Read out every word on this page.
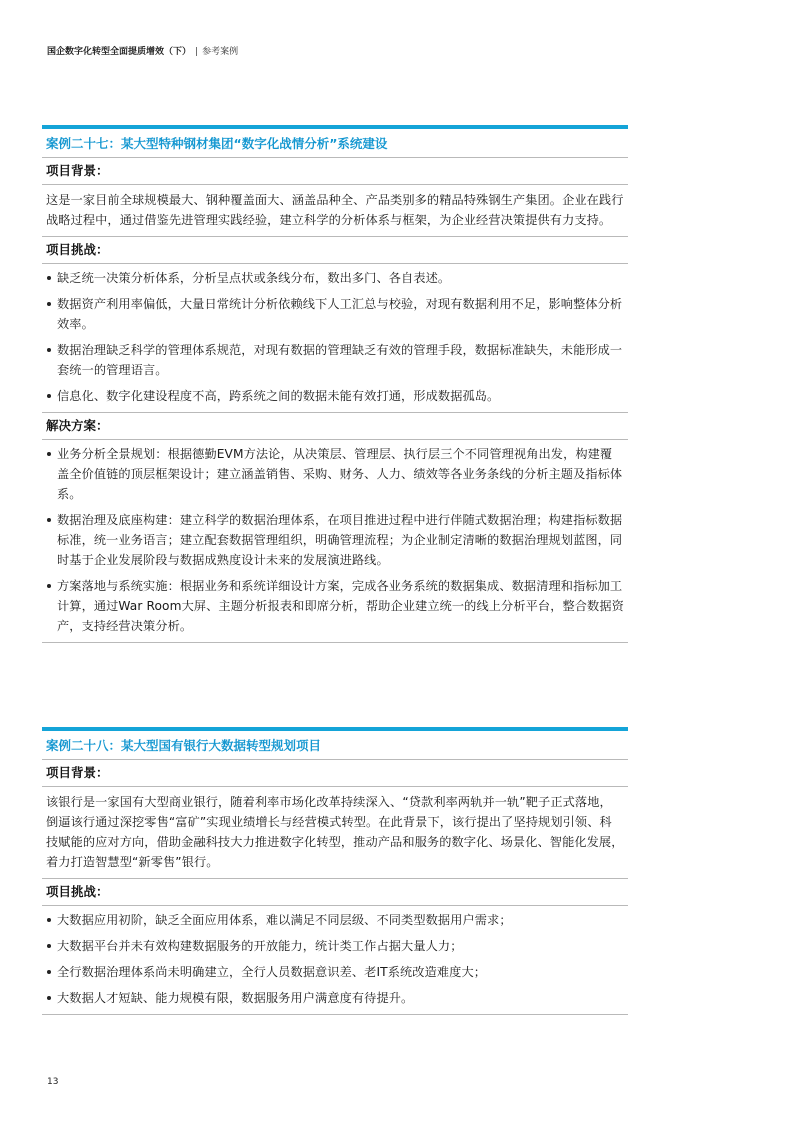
国企数字化转型全面提质增效（下） | 参考案例
案例二十七：某大型特种钢材集团“数字化战情分析”系统建设
项目背景：

这是一家目前全球规模最大、钢种覆盖面大、涵盖品种全、产品类别多的精品特殊钢生产集团。企业在践行战略过程中，通过借鉴先进管理实践经验，建立科学的分析体系与框架，为企业经营决策提供有力支持。

项目挑战：
缺乏统一决策分析体系，分析呈点状或条线分布，数出多门、各自表述。
数据资产利用率偏低，大量日常统计分析依赖线下人工汇总与校验，对现有数据利用不足，影响整体分析效率。
数据治理缺乏科学的管理体系规范，对现有数据的管理缺乏有效的管理手段，数据标准缺失，未能形成一套统一的管理语言。
信息化、数字化建设程度不高，跨系统之间的数据未能有效打通，形成数据孤岛。
解决方案：
业务分析全景规划：根据德勤EVM方法论，从决策层、管理层、执行层三个不同管理视角出发，构建覆盖全价值链的顶层框架设计；建立涵盖销售、采购、财务、人力、绩效等各业务条线的分析主题及指标体系。
数据治理及底座构建：建立科学的数据治理体系，在项目推进过程中进行伴随式数据治理；构建指标数据标准，统一业务语言；建立配套数据管理组织，明确管理流程；为企业制定清晰的数据治理规划蓝图，同时基于企业发展阶段与数据成熟度设计未来的发展演进路线。
方案落地与系统实施：根据业务和系统详细设计方案，完成各业务系统的数据集成、数据清理和指标加工计算，通过War Room大屏、主题分析报表和即席分析，帮助企业建立统一的线上分析平台，整合数据资产，支持经营决策分析。
案例二十八：某大型国有银行大数据转型规划项目
项目背景：

该银行是一家国有大型商业银行，随着利率市场化改革持续深入、“贷款利率两轨并一轨”靶子正式落地，倒逼该行通过深挖零售“富矿”实现业绩增长与经营模式转型。在此背景下，该行提出了坚持规划引领、科技赋能的应对方向，借助金融科技大力推进数字化转型，推动产品和服务的数字化、场景化、智能化发展，着力打造智慧型“新零售”银行。

项目挑战：
大数据应用初阶，缺乏全面应用体系，难以满足不同层级、不同类型数据用户需求；
大数据平台并未有效构建数据服务的开放能力，统计类工作占据大量人力；
全行数据治理体系尚未明确建立，全行人员数据意识差、老IT系统改造难度大；
大数据人才短缺、能力规模有限，数据服务用户满意度有待提升。
13
